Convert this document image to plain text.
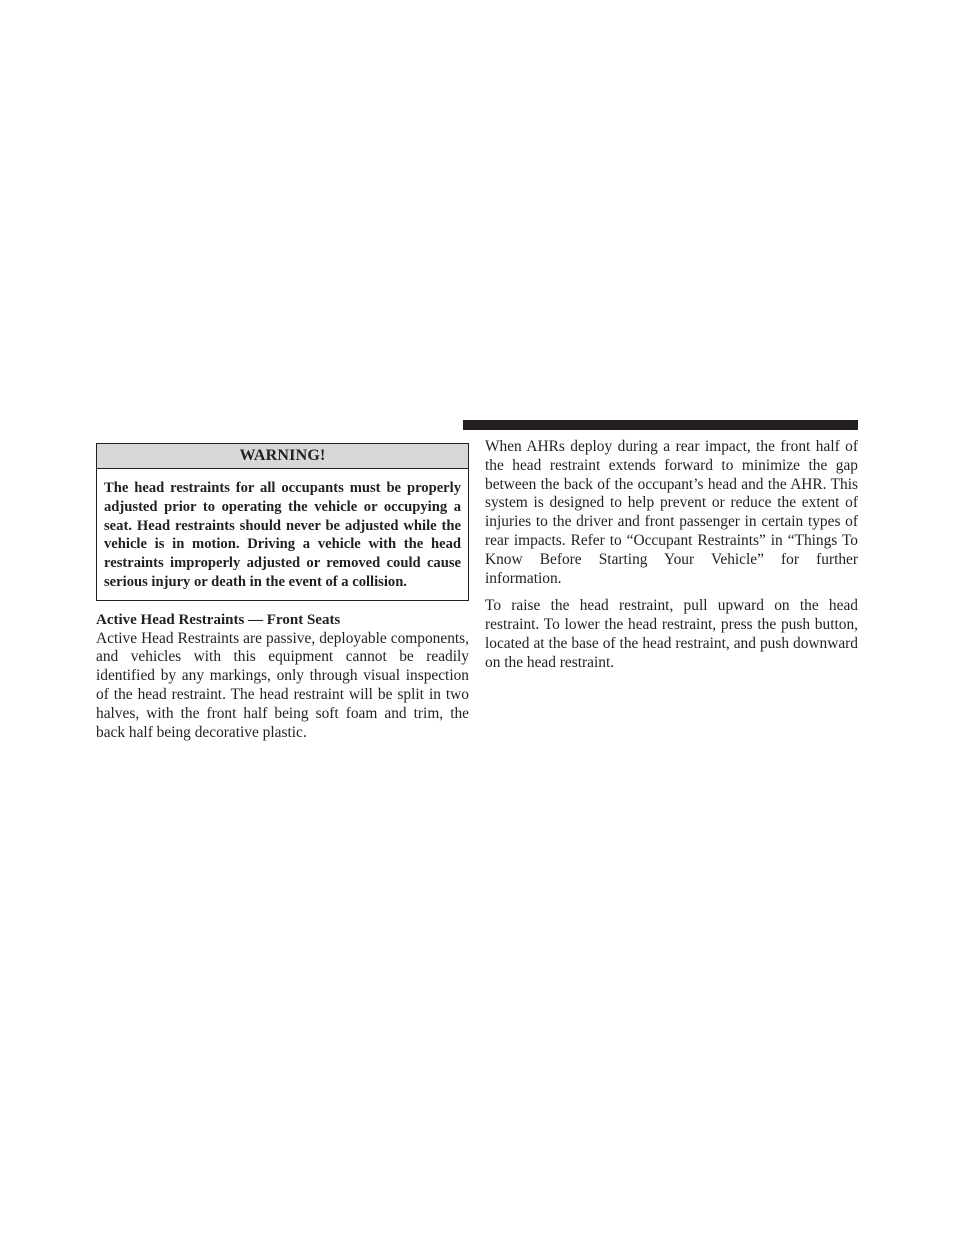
WARNING!
The head restraints for all occupants must be properly adjusted prior to operating the vehicle or occupying a seat. Head restraints should never be adjusted while the vehicle is in motion. Driving a vehicle with the head restraints improperly adjusted or removed could cause serious injury or death in the event of a collision.
Active Head Restraints — Front Seats

Active Head Restraints are passive, deployable components, and vehicles with this equipment cannot be readily identified by any markings, only through visual inspection of the head restraint. The head restraint will be split in two halves, with the front half being soft foam and trim, the back half being decorative plastic.

When AHRs deploy during a rear impact, the front half of the head restraint extends forward to minimize the gap between the back of the occupant’s head and the AHR. This system is designed to help prevent or reduce the extent of injuries to the driver and front passenger in certain types of rear impacts. Refer to “Occupant Restraints” in “Things To Know Before Starting Your Vehicle” for further information.

To raise the head restraint, pull upward on the head restraint. To lower the head restraint, press the push button, located at the base of the head restraint, and push downward on the head restraint.
